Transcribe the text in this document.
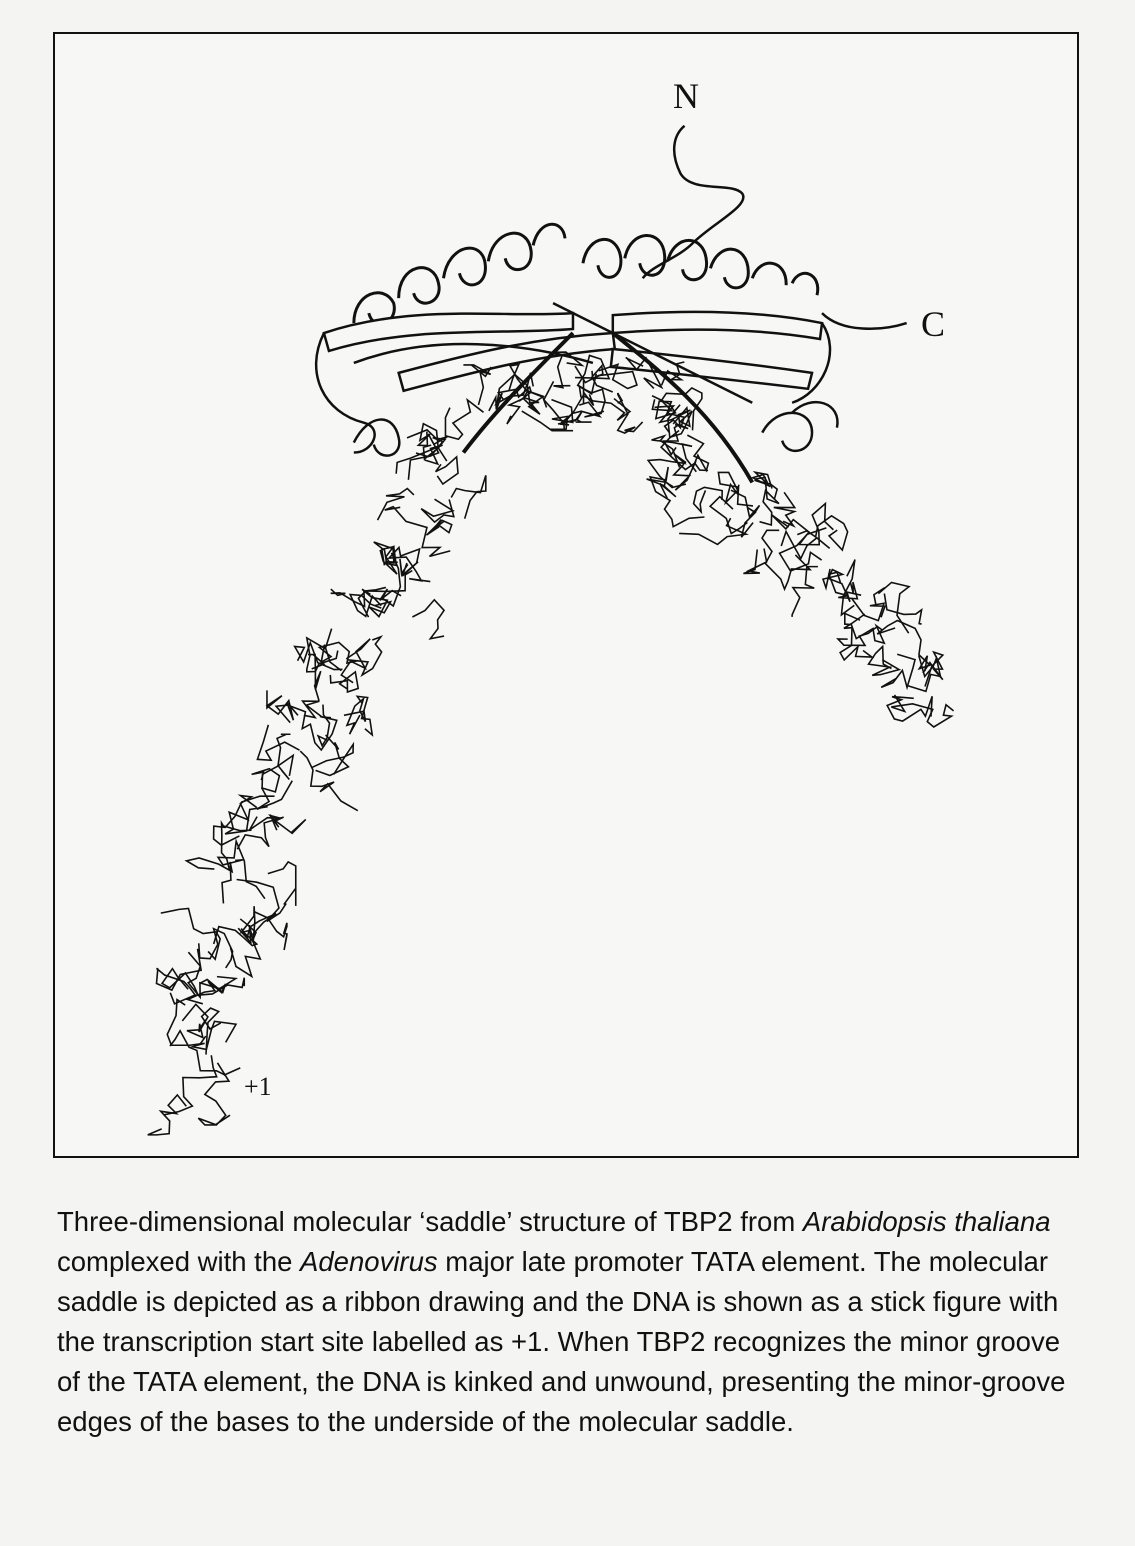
N
C
+1
Three-dimensional molecular ‘saddle’ structure of TBP2 from Arabidopsis thaliana complexed with the Adenovirus major late promoter TATA element. The molecular saddle is depicted as a ribbon drawing and the DNA is shown as a stick figure with the transcription start site labelled as +1. When TBP2 recognizes the minor groove of the TATA element, the DNA is kinked and unwound, presenting the minor-groove edges of the bases to the underside of the molecular saddle.
